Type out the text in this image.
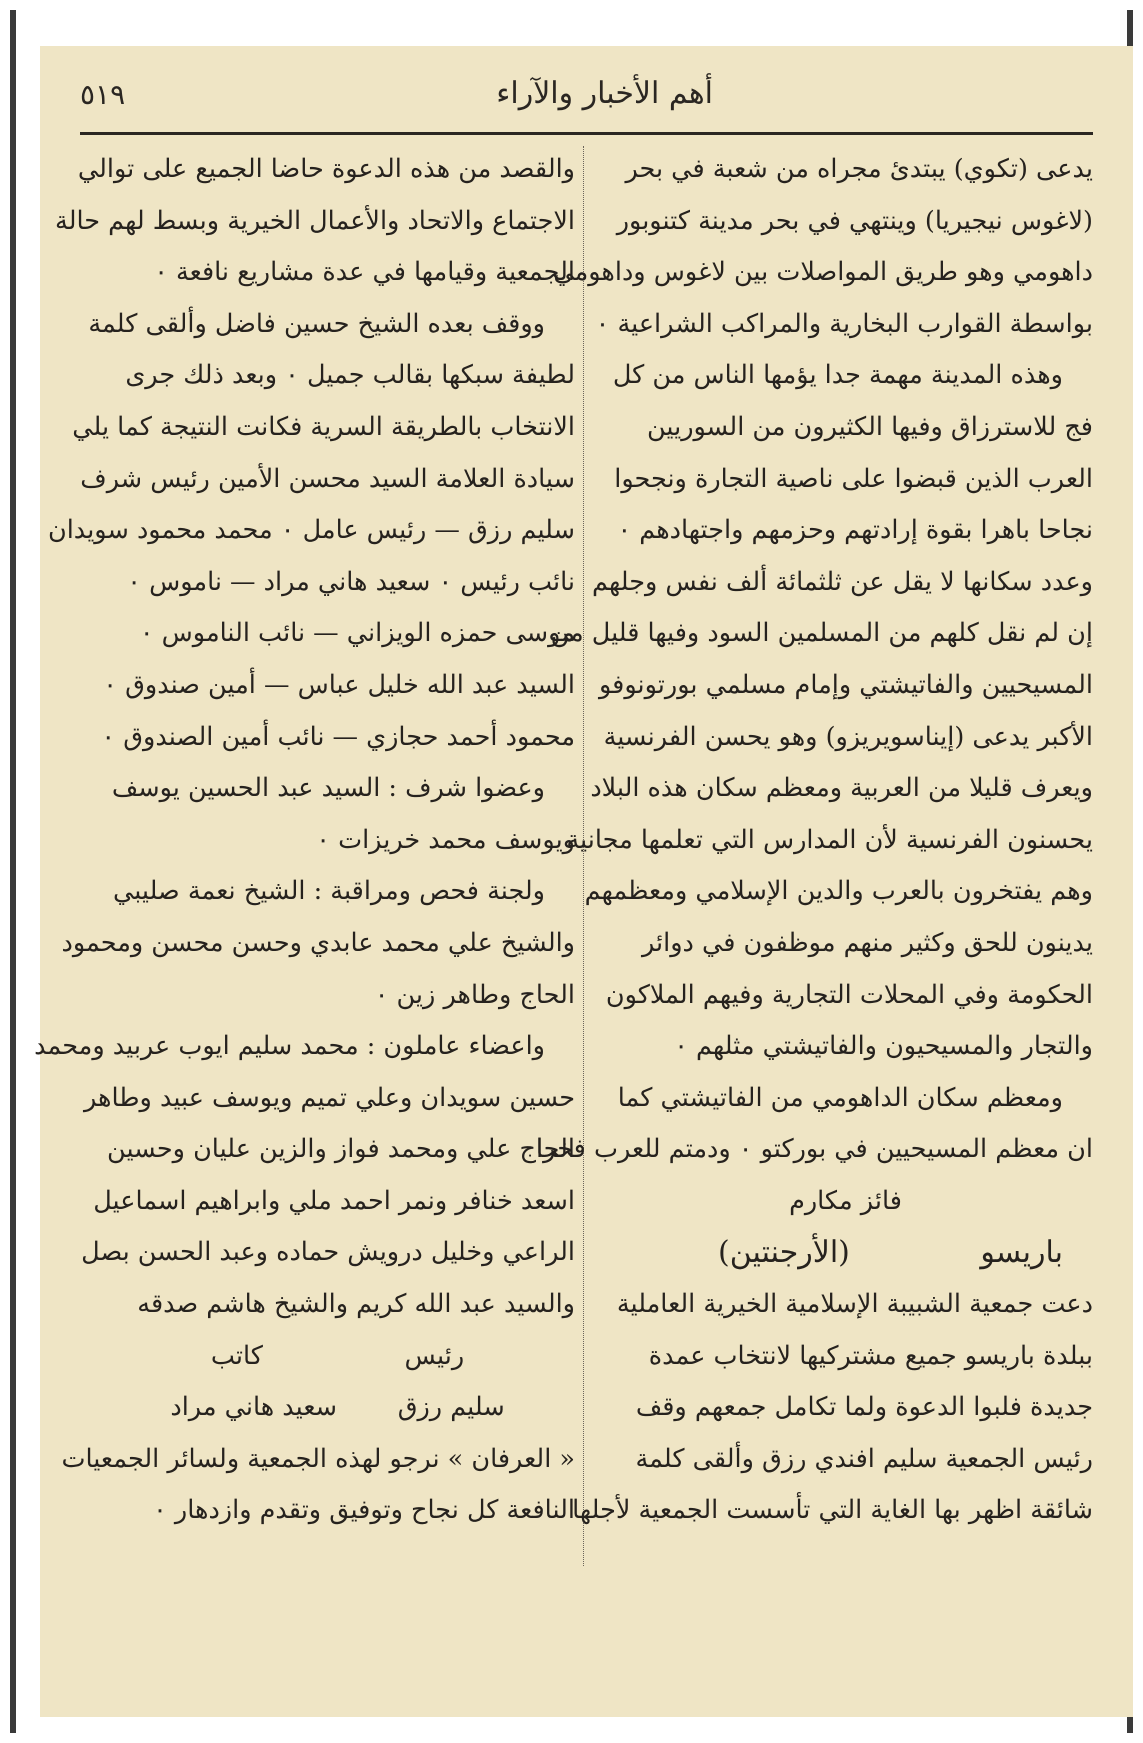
أهم الأخبار والآراء
٥١٩
يدعى (تكوي) يبتدئ مجراه من شعبة في بحر
(لاغوس نيجيريا) وينتهي في بحر مدينة كتنوبور
داهومي وهو طريق المواصلات بين لاغوس وداهومي
بواسطة القوارب البخارية والمراكب الشراعية ٠
وهذه المدينة مهمة جدا يؤمها الناس من كل
فج للاسترزاق وفيها الكثيرون من السوريين
العرب الذين قبضوا على ناصية التجارة ونجحوا
نجاحا باهرا بقوة إرادتهم وحزمهم واجتهادهم ٠
وعدد سكانها لا يقل عن ثلثمائة ألف نفس وجلهم
إن لم نقل كلهم من المسلمين السود وفيها قليل من
المسيحيين والفاتيشتي وإمام مسلمي بورتونوفو
الأكبر يدعى (إيناسويريزو) وهو يحسن الفرنسية
ويعرف قليلا من العربية ومعظم سكان هذه البلاد
يحسنون الفرنسية لأن المدارس التي تعلمها مجانية
وهم يفتخرون بالعرب والدين الإسلامي ومعظمهم
يدينون للحق وكثير منهم موظفون في دوائر
الحكومة وفي المحلات التجارية وفيهم الملاكون
والتجار والمسيحيون والفاتيشتي مثلهم ٠
ومعظم سكان الداهومي من الفاتيشتي كما
ان معظم المسيحيين في بوركتو ٠ ودمتم للعرب فخرا
فائز مكارم
باريسو
(الأرجنتين)
دعت جمعية الشبيبة الإسلامية الخيرية العاملية
ببلدة باريسو جميع مشتركيها لانتخاب عمدة
جديدة فلبوا الدعوة ولما تكامل جمعهم وقف
رئيس الجمعية سليم افندي رزق وألقى كلمة
شائقة اظهر بها الغاية التي تأسست الجمعية لأجلها
والقصد من هذه الدعوة حاضا الجميع على توالي
الاجتماع والاتحاد والأعمال الخيرية وبسط لهم حالة
الجمعية وقيامها في عدة مشاريع نافعة ٠
ووقف بعده الشيخ حسين فاضل وألقى كلمة
لطيفة سبكها بقالب جميل ٠ وبعد ذلك جرى
الانتخاب بالطريقة السرية فكانت النتيجة كما يلي
سيادة العلامة السيد محسن الأمين رئيس شرف
سليم رزق — رئيس عامل ٠ محمد محمود سويدان
نائب رئيس ٠ سعيد هاني مراد — ناموس ٠
موسى حمزه الويزاني — نائب الناموس ٠
السيد عبد الله خليل عباس — أمين صندوق ٠
محمود أحمد حجازي — نائب أمين الصندوق ٠
وعضوا شرف : السيد عبد الحسين يوسف
ويوسف محمد خريزات ٠
ولجنة فحص ومراقبة : الشيخ نعمة صليبي
والشيخ علي محمد عابدي وحسن محسن ومحمود
الحاج وطاهر زين ٠
واعضاء عاملون : محمد سليم ايوب عربيد ومحمد
حسين سويدان وعلي تميم ويوسف عبيد وطاهر
الحاج علي ومحمد فواز والزين عليان وحسين
اسعد خنافر ونمر احمد ملي وابراهيم اسماعيل
الراعي وخليل درويش حماده وعبد الحسن بصل
والسيد عبد الله كريم والشيخ هاشم صدقه
رئيس
كاتب
سليم رزق
سعيد هاني مراد
« العرفان » نرجو لهذه الجمعية ولسائر الجمعيات
النافعة كل نجاح وتوفيق وتقدم وازدهار ٠
